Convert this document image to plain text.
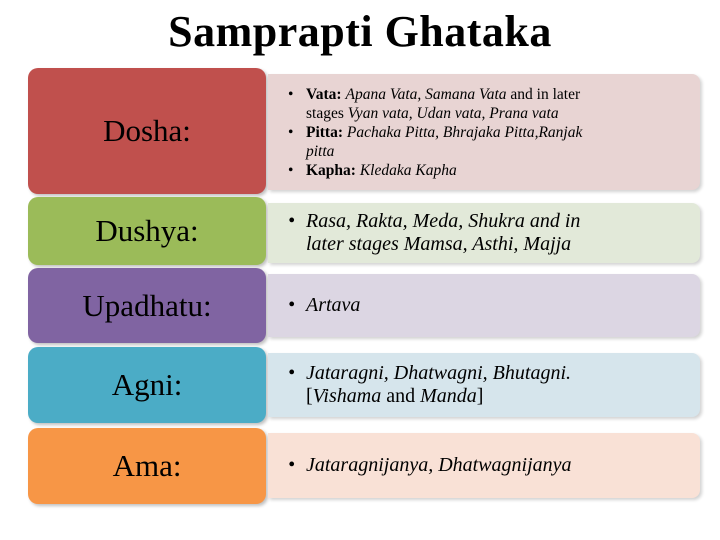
Samprapti Ghataka
Dosha:
• Vata: Apana Vata, Samana Vata and in later
stages Vyan vata, Udan vata, Prana vata
• Pitta: Pachaka Pitta, Bhrajaka Pitta,Ranjak
pitta
• Kapha: Kledaka Kapha
Dushya:	• Rasa, Rakta, Meda, Shukra and in
later stages Mamsa, Asthi, Majja
Upadhatu:	• Artava
Agni:	• Jataragni, Dhatwagni, Bhutagni.
[Vishama and Manda]
Ama:	• Jataragnijanya, Dhatwagnijanya
